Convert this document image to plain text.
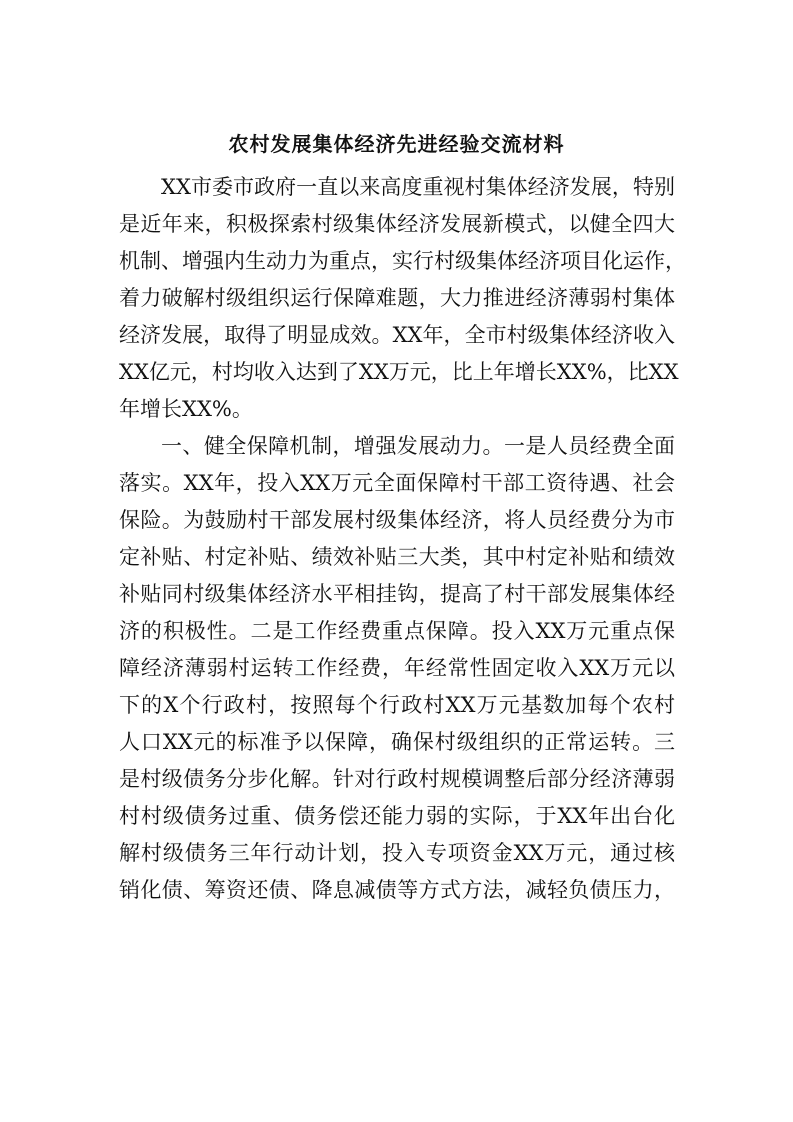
农村发展集体经济先进经验交流材料
XX市委市政府一直以来高度重视村集体经济发展，特别
是近年来，积极探索村级集体经济发展新模式，以健全四大
机制、增强内生动力为重点，实行村级集体经济项目化运作，
着力破解村级组织运行保障难题，大力推进经济薄弱村集体
经济发展，取得了明显成效。XX年，全市村级集体经济收入
XX亿元，村均收入达到了XX万元，比上年增长XX%，比XX
年增长XX%。
一、健全保障机制，增强发展动力。一是人员经费全面
落实。XX年，投入XX万元全面保障村干部工资待遇、社会
保险。为鼓励村干部发展村级集体经济，将人员经费分为市
定补贴、村定补贴、绩效补贴三大类，其中村定补贴和绩效
补贴同村级集体经济水平相挂钩，提高了村干部发展集体经
济的积极性。二是工作经费重点保障。投入XX万元重点保
障经济薄弱村运转工作经费，年经常性固定收入XX万元以
下的X个行政村，按照每个行政村XX万元基数加每个农村
人口XX元的标准予以保障，确保村级组织的正常运转。三
是村级债务分步化解。针对行政村规模调整后部分经济薄弱
村村级债务过重、债务偿还能力弱的实际，于XX年出台化
解村级债务三年行动计划，投入专项资金XX万元，通过核
销化债、筹资还债、降息减债等方式方法，减轻负债压力，
